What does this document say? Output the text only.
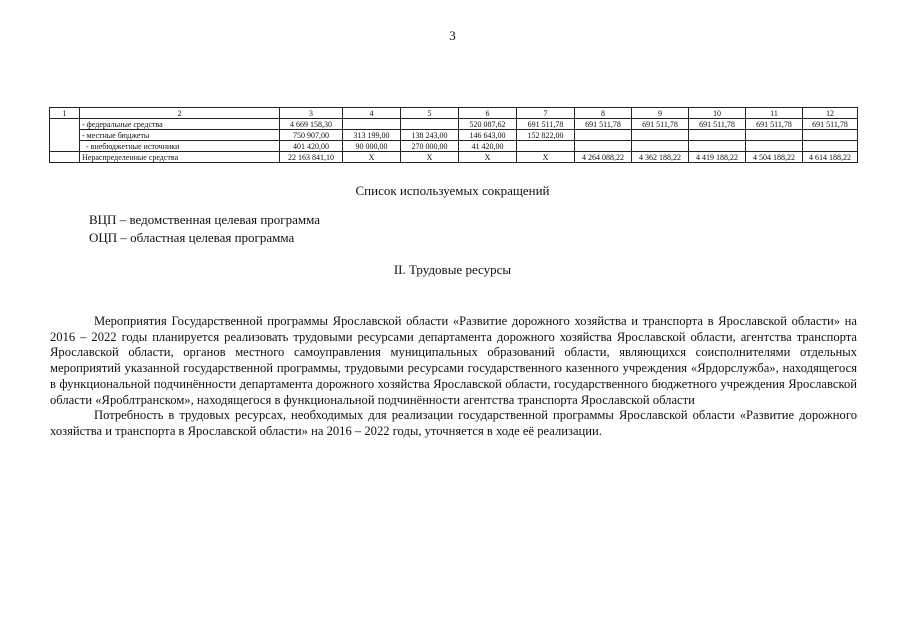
3
1	2	3	4	5	6	7	8	9	10	11	12
	- федеральные средства	4 669 158,30			520 087,62	691 511,78	691 511,78	691 511,78	691 511,78	691 511,78	691 511,78
	- местные бюджеты	750 907,00	313 199,00	138 243,00	146 643,00	152 822,00					
	- внебюджетные источники	401 420,00	90 000,00	270 000,00	41 420,00						
	Нераспределенные средства	22 163 841,10	X	X	X	X	4 264 088,22	4 362 188,22	4 419 188,22	4 504 188,22	4 614 188,22
Список используемых сокращений
ВЦП – ведомственная целевая программа
ОЦП – областная целевая программа
II. Трудовые ресурсы

Мероприятия Государственной программы Ярославской области «Развитие дорожного хозяйства и транспорта в Ярославской области» на 2016 – 2022 годы планируется реализовать трудовыми ресурсами департамента дорожного хозяйства Ярославской области, агентства транспорта Ярославской области, органов местного самоуправления муниципальных образований области, являющихся соисполнителями отдельных мероприятий указанной государственной программы, трудовыми ресурсами государственного казенного учреждения «Ярдорслужба», находящегося в функциональной подчинённости департамента дорожного хозяйства Ярославской области, государственного бюджетного учреждения Ярославской области «Яроблтранском», находящегося в функциональной подчинённости агентства транспорта Ярославской области

Потребность в трудовых ресурсах, необходимых для реализации государственной программы Ярославской области «Развитие дорожного хозяйства и транспорта в Ярославской области» на 2016 – 2022 годы, уточняется в ходе её реализации.
